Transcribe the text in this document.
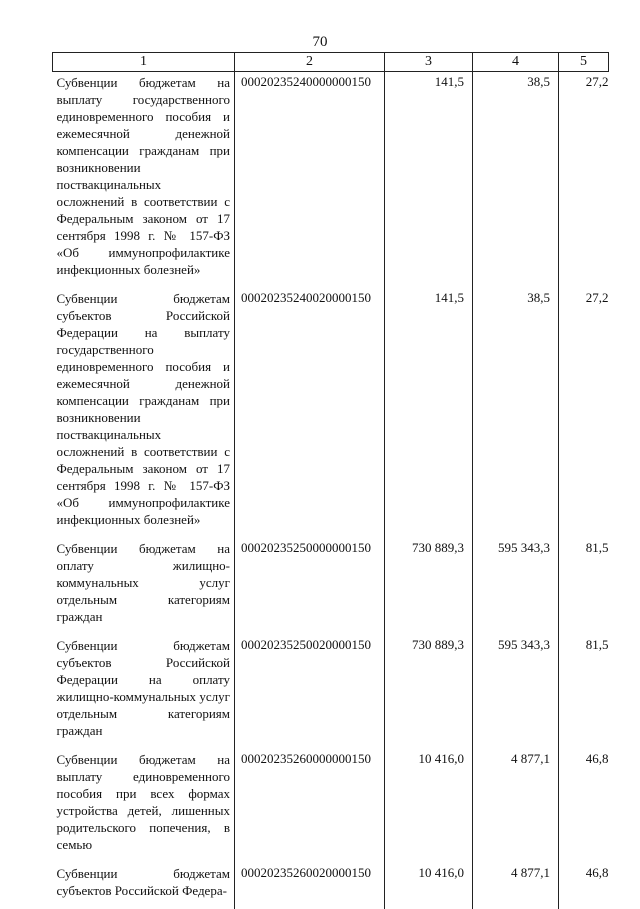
70
1	2	3	4	5
Субвенции бюджетам на выплату государственного единовременного пособия и ежемесячной денежной компенсации гражданам при возникновении поствакцинальных осложнений в соответствии с Федеральным законом от 17 сентября 1998 г. № 157-ФЗ «Об иммунопрофилактике инфекционных болезней»	00020235240000000150	141,5	38,5	27,2
Субвенции бюджетам субъектов Российской Федерации на выплату государственного единовременного пособия и ежемесячной денежной компенсации гражданам при возникновении поствакцинальных осложнений в соответствии с Федеральным законом от 17 сентября 1998 г. № 157-ФЗ «Об иммунопрофилактике инфекционных болезней»	00020235240020000150	141,5	38,5	27,2
Субвенции бюджетам на оплату жилищно-коммунальных услуг отдельным категориям граждан	00020235250000000150	730 889,3	595 343,3	81,5
Субвенции бюджетам субъектов Российской Федерации на оплату жилищно-коммунальных услуг отдельным категориям граждан	00020235250020000150	730 889,3	595 343,3	81,5
Субвенции бюджетам на выплату единовременного пособия при всех формах устройства детей, лишенных родительского попечения, в семью	00020235260000000150	10 416,0	4 877,1	46,8
Субвенции бюджетам субъектов Российской Федера-	00020235260020000150	10 416,0	4 877,1	46,8
